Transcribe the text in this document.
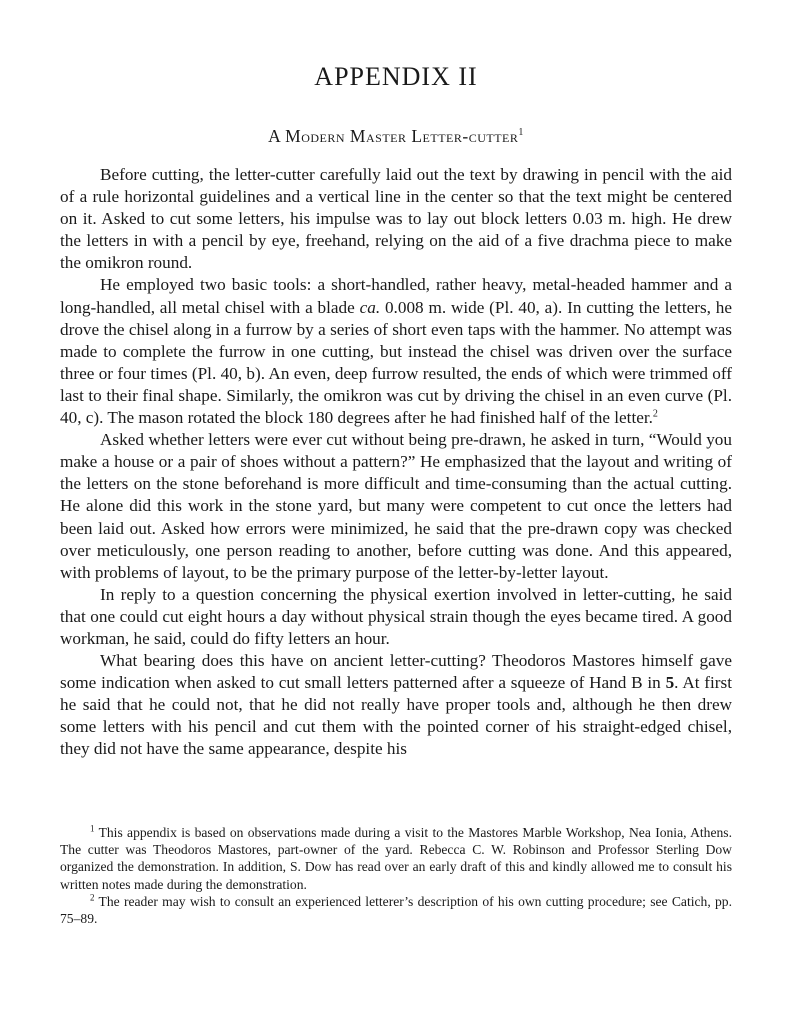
APPENDIX II
A Modern Master Letter-cutter$^1$

Before cutting, the letter-cutter carefully laid out the text by drawing in pencil with the aid of a rule horizontal guidelines and a vertical line in the center so that the text might be centered on it. Asked to cut some letters, his impulse was to lay out block letters 0.03 m. high. He drew the letters in with a pencil by eye, freehand, relying on the aid of a five drachma piece to make the omikron round.

He employed two basic tools: a short-handled, rather heavy, metal-headed hammer and a long-handled, all metal chisel with a blade ca. 0.008 m. wide (Pl. 40, a). In cutting the letters, he drove the chisel along in a furrow by a series of short even taps with the hammer. No attempt was made to complete the furrow in one cutting, but instead the chisel was driven over the surface three or four times (Pl. 40, b). An even, deep furrow resulted, the ends of which were trimmed off last to their final shape. Similarly, the omikron was cut by driving the chisel in an even curve (Pl. 40, c). The mason rotated the block 180 degrees after he had finished half of the letter.$^2$

Asked whether letters were ever cut without being pre-drawn, he asked in turn, “Would you make a house or a pair of shoes without a pattern?” He emphasized that the layout and writing of the letters on the stone beforehand is more difficult and time-consuming than the actual cutting. He alone did this work in the stone yard, but many were competent to cut once the letters had been laid out. Asked how errors were minimized, he said that the pre-drawn copy was checked over meticulously, one person reading to another, before cutting was done. And this appeared, with problems of layout, to be the primary purpose of the letter-by-letter layout.

In reply to a question concerning the physical exertion involved in letter-cutting, he said that one could cut eight hours a day without physical strain though the eyes became tired. A good workman, he said, could do fifty letters an hour.

What bearing does this have on ancient letter-cutting? Theodoros Mastores himself gave some indication when asked to cut small letters patterned after a squeeze of Hand B in 5. At first he said that he could not, that he did not really have proper tools and, although he then drew some letters with his pencil and cut them with the pointed corner of his straight-edged chisel, they did not have the same appearance, despite his

$^1$ This appendix is based on observations made during a visit to the Mastores Marble Workshop, Nea Ionia, Athens. The cutter was Theodoros Mastores, part-owner of the yard. Rebecca C. W. Robinson and Professor Sterling Dow organized the demonstration. In addition, S. Dow has read over an early draft of this and kindly allowed me to consult his written notes made during the demonstration.

$^2$ The reader may wish to consult an experienced letterer’s description of his own cutting procedure; see Catich, pp. 75–89.
